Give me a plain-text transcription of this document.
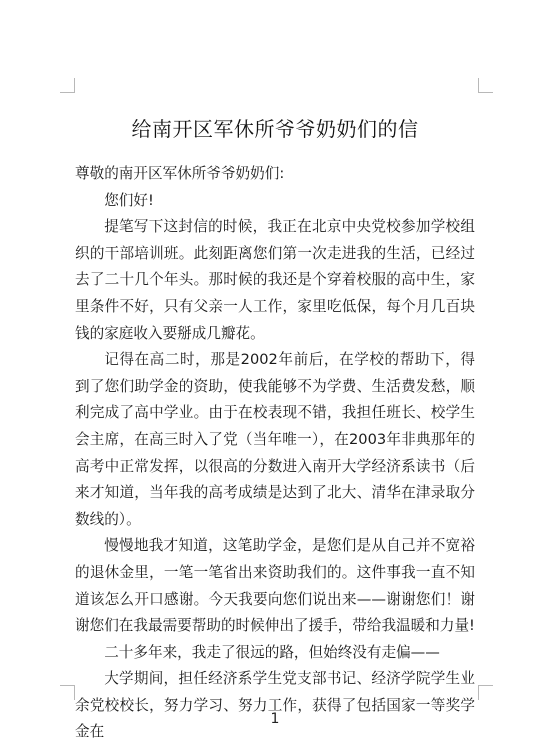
给南开区军休所爷爷奶奶们的信

尊敬的南开区军休所爷爷奶奶们:

您们好!

提笔写下这封信的时候，我正在北京中央党校参加学校组织的干部培训班。此刻距离您们第一次走进我的生活，已经过去了二十几个年头。那时候的我还是个穿着校服的高中生，家里条件不好，只有父亲一人工作，家里吃低保，每个月几百块钱的家庭收入要掰成几瓣花。

记得在高二时，那是2002年前后，在学校的帮助下，得到了您们助学金的资助，使我能够不为学费、生活费发愁，顺利完成了高中学业。由于在校表现不错，我担任班长、校学生会主席，在高三时入了党（当年唯一），在2003年非典那年的高考中正常发挥，以很高的分数进入南开大学经济系读书（后来才知道，当年我的高考成绩是达到了北大、清华在津录取分数线的）。

慢慢地我才知道，这笔助学金，是您们是从自己并不宽裕的退休金里，一笔一笔省出来资助我们的。这件事我一直不知道该怎么开口感谢。今天我要向您们说出来——谢谢您们！谢谢您们在我最需要帮助的时候伸出了援手，带给我温暖和力量!

二十多年来，我走了很远的路，但始终没有走偏——

大学期间，担任经济系学生党支部书记、经济学院学生业余党校校长，努力学习、努力工作，获得了包括国家一等奖学金在

1
